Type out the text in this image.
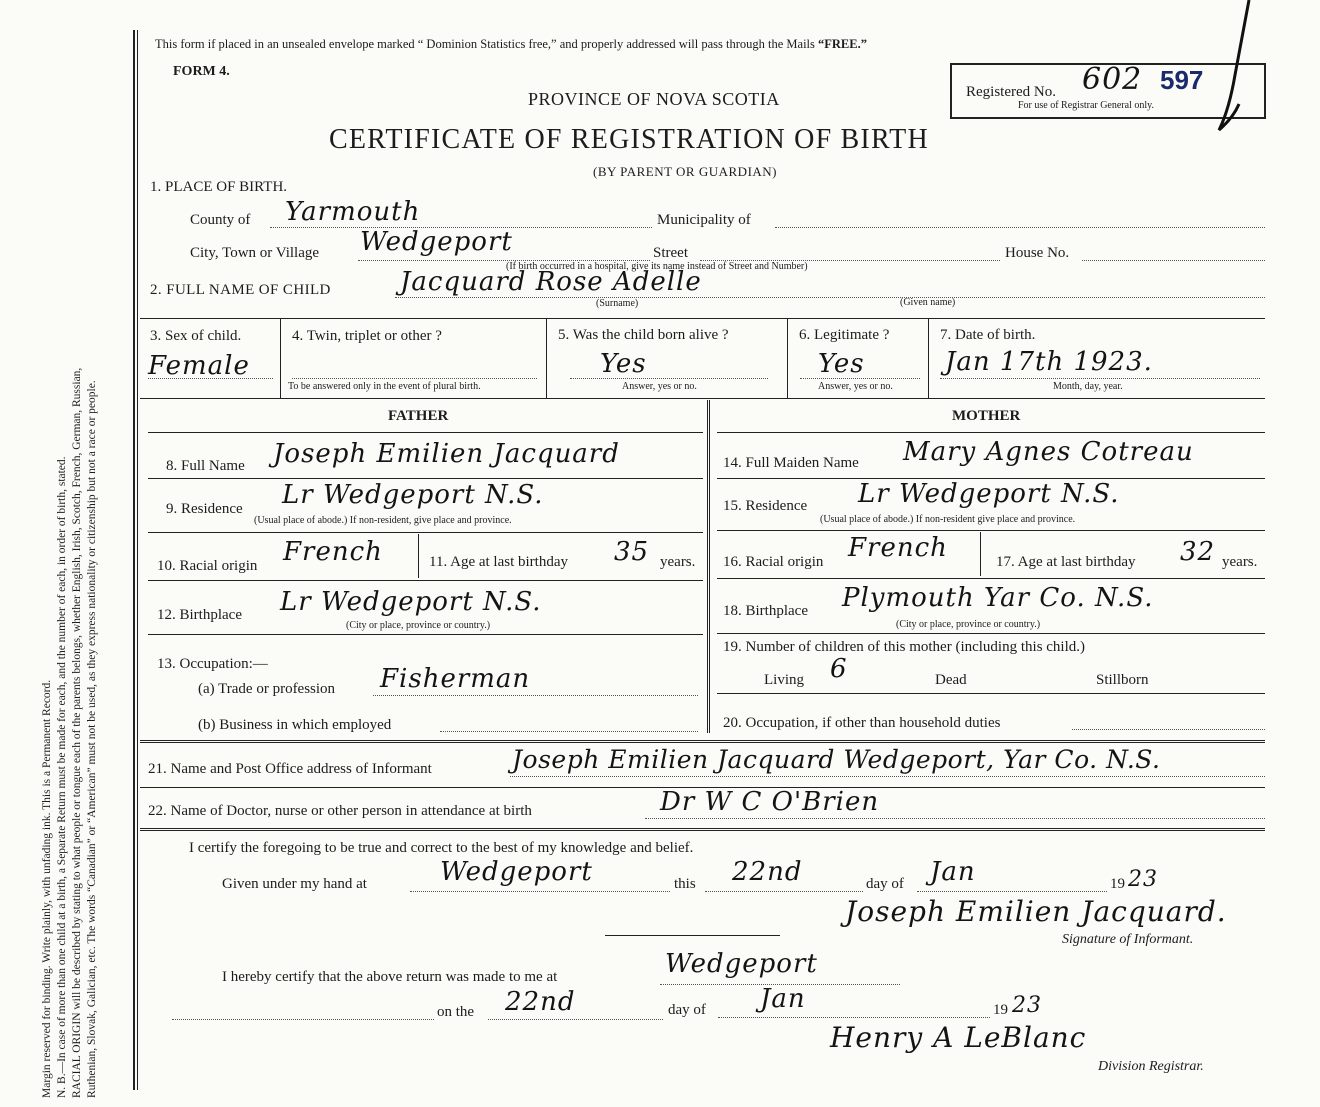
Margin reserved for binding. Write plainly, with unfading ink. This is a Permanent Record. N. B.—In case of more than one child at a birth, a Separate Return must be made for each, and the number of each, in order of birth, stated. RACIAL ORIGIN will be described by stating to what people or tongue each of the parents belongs, whether English, Irish, Scotch, French, German, Russian, Ruthenian, Slovak, Galician, etc. The words “Canadian” or “American” must not be used, as they express nationality or citizenship but not a race or people.
This form if placed in an unsealed envelope marked “ Dominion Statistics free,” and properly addressed will pass through the Mails “FREE.”
FORM 4.
PROVINCE OF NOVA SCOTIA
CERTIFICATE OF REGISTRATION OF BIRTH
(BY PARENT OR GUARDIAN)
Registered No. 602 597
For use of Registrar General only.
1. PLACE OF BIRTH.
County of Yarmouth	Municipality of
City, Town or Village Wedgeport	Street	House No.
(If birth occurred in a hospital, give its name instead of Street and Number)
2. FULL NAME OF CHILD	Jacquard Rose Adelle
(Surname)	(Given name)
3. Sex of child.
Female
4. Twin, triplet or other ?
To be answered only in the event of plural birth.
5. Was the child born alive ?
Yes
Answer, yes or no.
6. Legitimate ?
Yes
Answer, yes or no.
7. Date of birth.
Jan 17th 1923.
Month, day, year.
FATHER	MOTHER
8. Full Name Joseph Emilien Jacquard
9. Residence Lr Wedgeport N.S.
(Usual place of abode.) If non-resident, give place and province.
10. Racial origin French	11. Age at last birthday 35 years.
12. Birthplace Lr Wedgeport N.S.
(City or place, province or country.)
13. Occupation:—
(a) Trade or profession Fisherman
(b) Business in which employed
14. Full Maiden Name Mary Agnes Cotreau
15. Residence Lr Wedgeport N.S.
(Usual place of abode.) If non-resident give place and province.
16. Racial origin French	17. Age at last birthday 32 years.
18. Birthplace Plymouth Yar Co. N.S.
(City or place, province or country.)
19. Number of children of this mother (including this child.)
Living 6	Dead	Stillborn
20. Occupation, if other than household duties
21. Name and Post Office address of Informant	Joseph Emilien Jacquard Wedgeport, Yar Co. N.S.
22. Name of Doctor, nurse or other person in attendance at birth	Dr W C O'Brien
I certify the foregoing to be true and correct to the best of my knowledge and belief.
Given under my hand at	Wedgeport	this 22nd	day of Jan	19 23
Joseph Emilien Jacquard.
Signature of Informant.
I hereby certify that the above return was made to me at	Wedgeport
on the 22nd	day of Jan	19 23
Henry A LeBlanc
Division Registrar.
